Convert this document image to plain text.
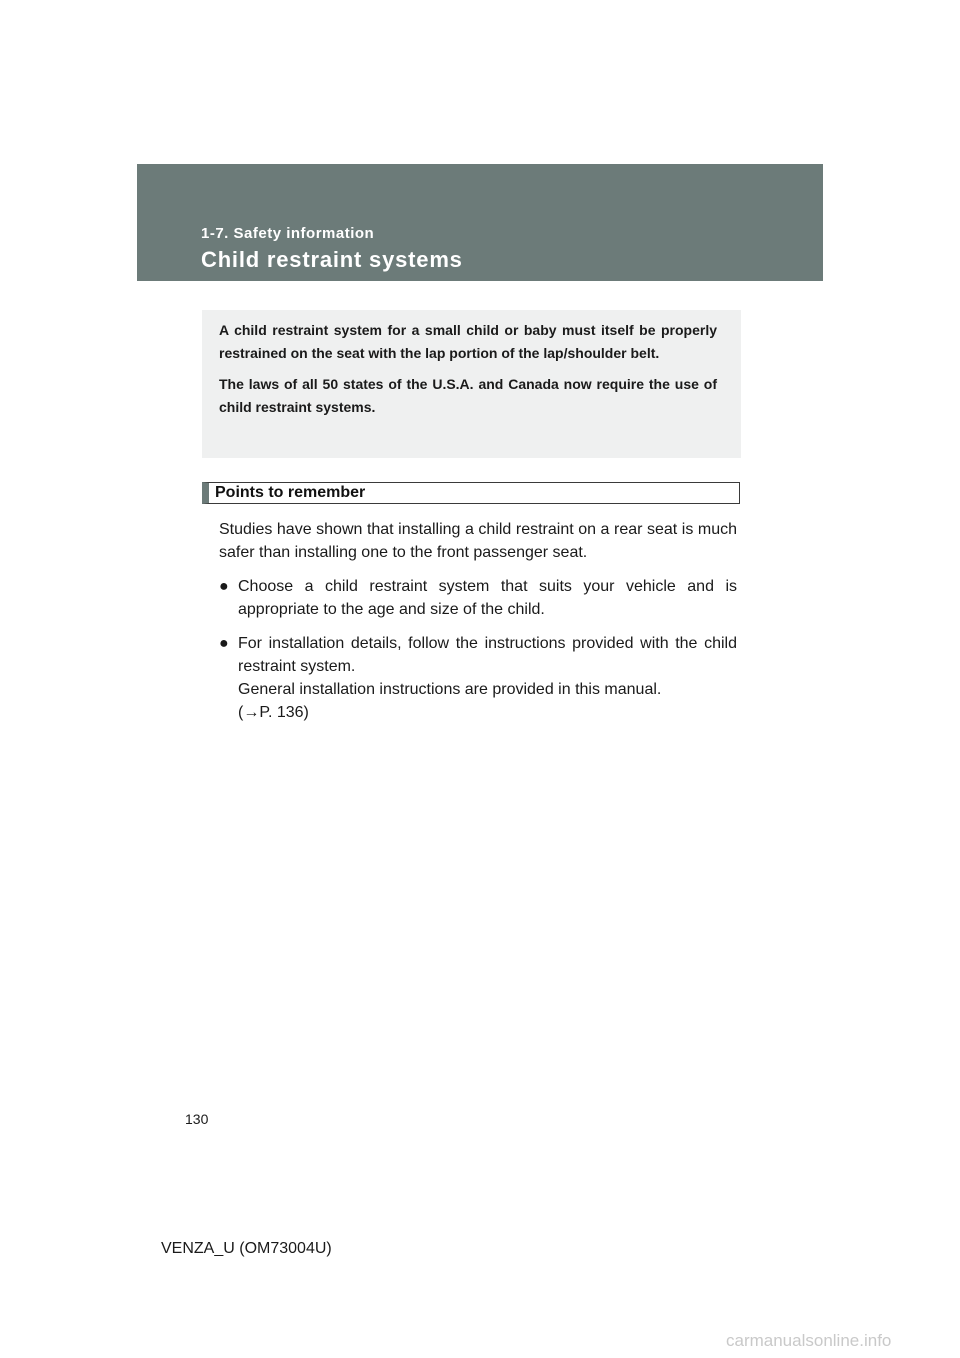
1-7. Safety information
Child restraint systems

A child restraint system for a small child or baby must itself be properly restrained on the seat with the lap portion of the lap/shoulder belt.

The laws of all 50 states of the U.S.A. and Canada now require the use of child restraint systems.

Points to remember

Studies have shown that installing a child restraint on a rear seat is much safer than installing one to the front passenger seat.

● Choose a child restraint system that suits your vehicle and is appropriate to the age and size of the child.
● For installation details, follow the instructions provided with the child restraint system.
General installation instructions are provided in this manual.
(→P. 136)
130
VENZA_U (OM73004U)
carmanualsonline.info
